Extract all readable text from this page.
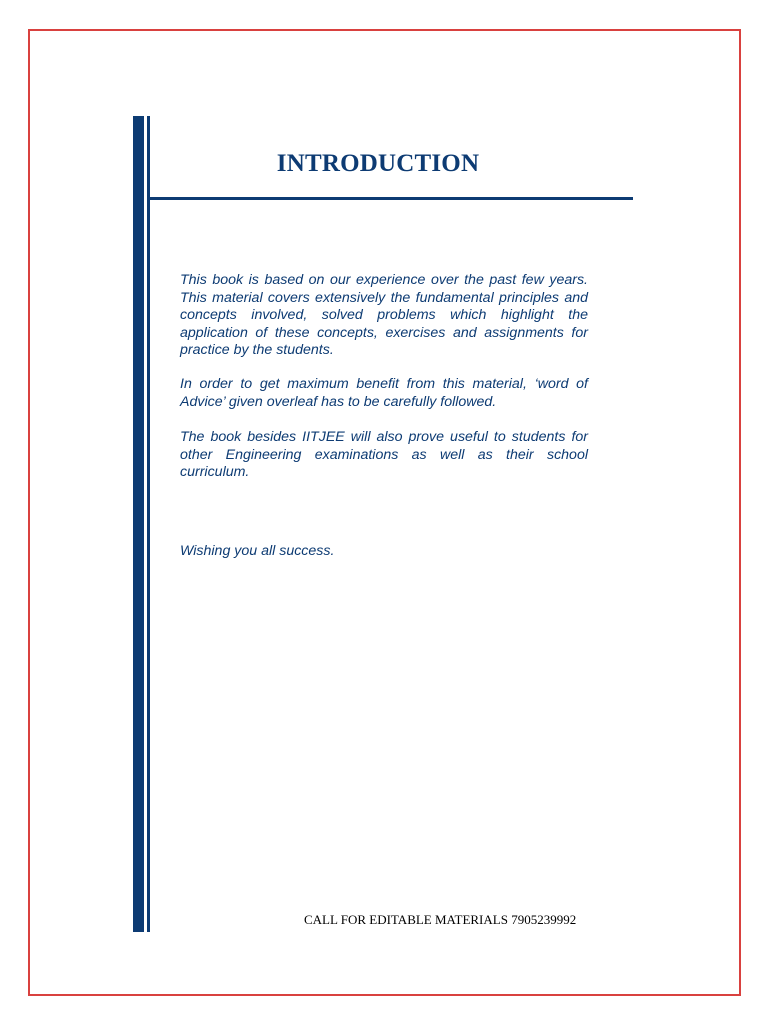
INTRODUCTION

This book is based on our experience over the past few years. This material covers extensively the fundamental principles and concepts involved, solved problems which highlight the application of these concepts, exercises and assignments for practice by the students.

In order to get maximum benefit from this material, ‘word of Advice’ given overleaf has to be carefully followed.

The book besides IITJEE will also prove useful to students for other Engineering examinations as well as their school curriculum.

Wishing you all success.

CALL FOR EDITABLE MATERIALS 7905239992
